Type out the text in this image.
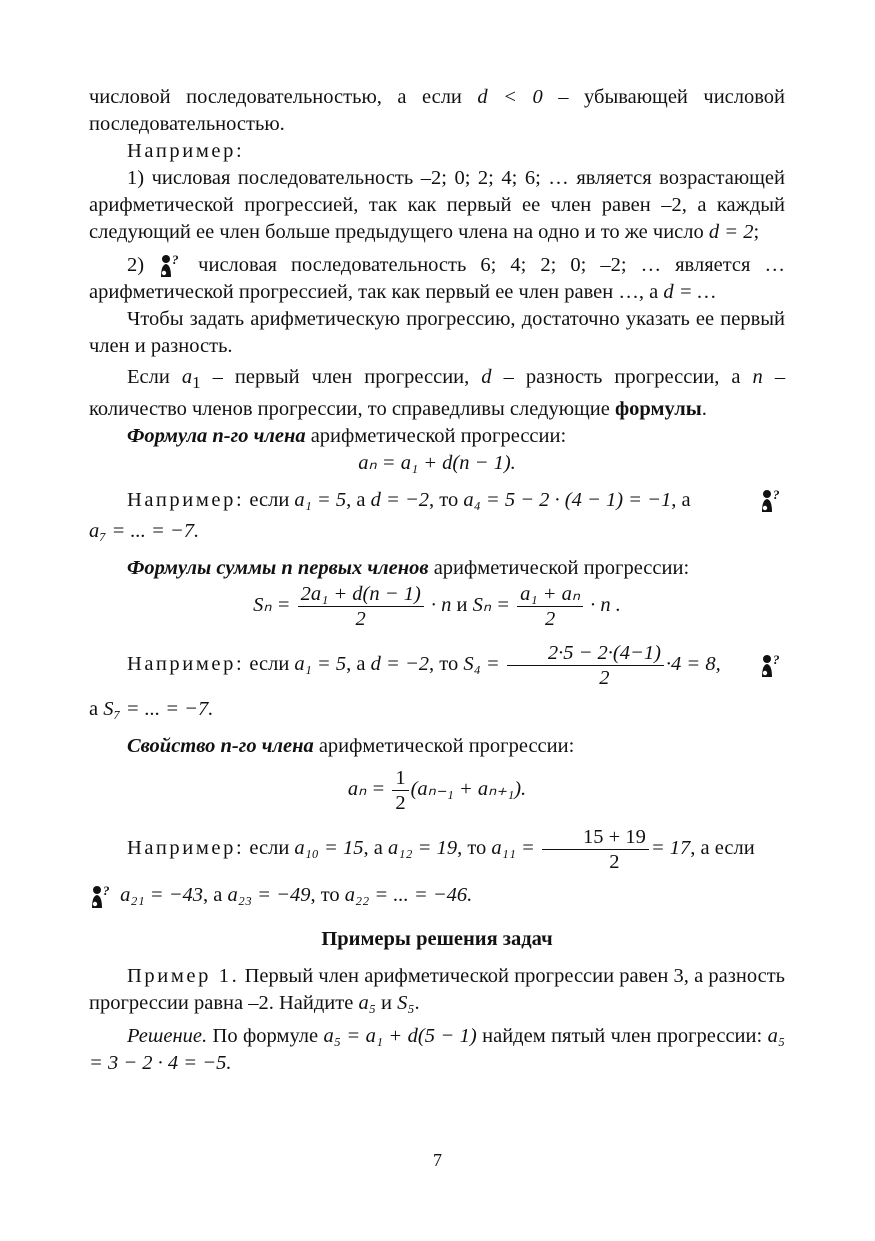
числовой последовательностью, а если d < 0 – убывающей числовой последовательностью.

Например:

1) числовая последовательность –2; 0; 2; 4; 6; … является возрастающей арифметической прогрессией, так как первый ее член равен –2, а каждый следующий ее член больше предыдущего члена на одно и то же число d = 2;

2)	числовая последовательность 6; 4; 2; 0; –2; … является … арифметической прогрессией, так как первый ее член равен …, а d = …

Чтобы задать арифметическую прогрессию, достаточно указать ее первый член и разность.

Если $a_1$ – первый член прогрессии, d – разность прогрессии, а n – количество членов прогрессии, то справедливы следующие формулы.

Формула n-го члена арифметической прогрессии:

aₙ = a₁ + d(n − 1).

Например: если a₁ = 5, а d = −2, то a₄ = 5 − 2 · (4 − 1) = −1, а

a₇ = ... = −7.

Формулы суммы n первых членов арифметической прогрессии:

$S_n = \frac{\text{2a₁ + d(n − 1)}}{2} \cdot n$ и $S_n = \frac{\text{a₁ + aₙ}}{2} \cdot n$ .

Например: если a₁ = 5, а d = −2, то $S_4 = \frac{2\cdot 5 - 2\cdot(4-1)}{2} \cdot 4 = 8$,

а S₇ = ... = −7.

Свойство n-го члена арифметической прогрессии:

$a_n = \frac{1}{2} (a_{n-1} + a_{n+1})$.

Например: если a₁₀ = 15, а a₁₂ = 19, то $a_{11} = \frac{15 + 19}{2} = 17$, а если

a₂₁ = −43, а a₂₃ = −49, то a₂₂ = ... = −46.

Примеры решения задач

Пример 1. Первый член арифметической прогрессии равен 3, а разность прогрессии равна –2. Найдите a₅ и S₅.

Решение. По формуле a₅ = a₁ + d(5 − 1) найдем пятый член прогрессии: a₅ = 3 − 2 · 4 = −5.

7
